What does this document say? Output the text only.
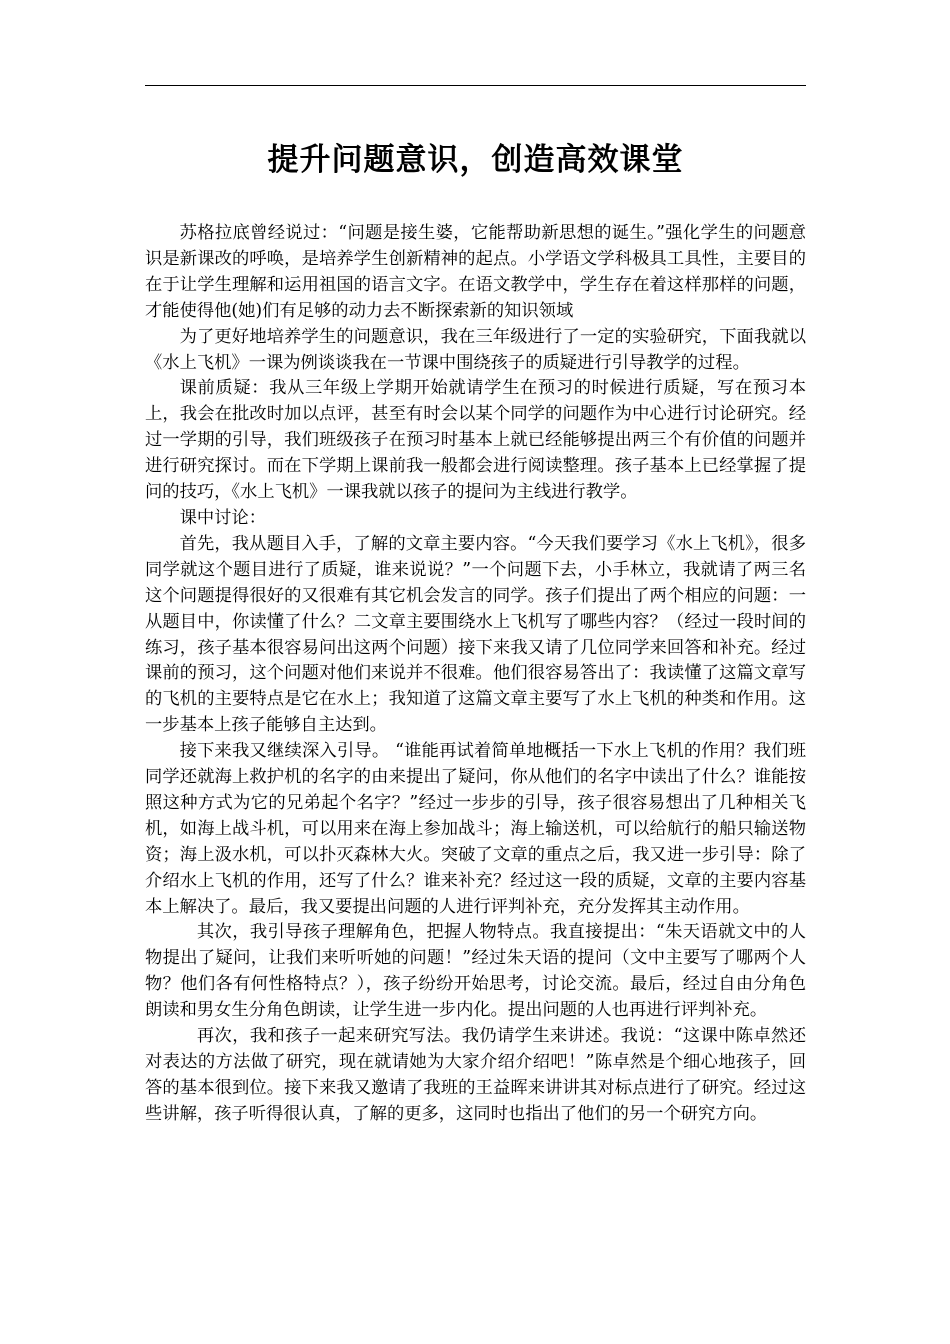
提升问题意识，创造高效课堂

苏格拉底曾经说过：“问题是接生婆，它能帮助新思想的诞生。”强化学生的问题意识是新课改的呼唤，是培养学生创新精神的起点。小学语文学科极具工具性，主要目的在于让学生理解和运用祖国的语言文字。在语文教学中，学生存在着这样那样的问题，才能使得他(她)们有足够的动力去不断探索新的知识领域

为了更好地培养学生的问题意识，我在三年级进行了一定的实验研究，下面我就以《水上飞机》一课为例谈谈我在一节课中围绕孩子的质疑进行引导教学的过程。

课前质疑：我从三年级上学期开始就请学生在预习的时候进行质疑，写在预习本上，我会在批改时加以点评，甚至有时会以某个同学的问题作为中心进行讨论研究。经过一学期的引导，我们班级孩子在预习时基本上就已经能够提出两三个有价值的问题并进行研究探讨。而在下学期上课前我一般都会进行阅读整理。孩子基本上已经掌握了提问的技巧，《水上飞机》一课我就以孩子的提问为主线进行教学。

课中讨论：

首先，我从题目入手，了解的文章主要内容。“今天我们要学习《水上飞机》，很多同学就这个题目进行了质疑，谁来说说？”一个问题下去，小手林立，我就请了两三名这个问题提得很好的又很难有其它机会发言的同学。孩子们提出了两个相应的问题：一从题目中，你读懂了什么？二文章主要围绕水上飞机写了哪些内容？（经过一段时间的练习，孩子基本很容易问出这两个问题）接下来我又请了几位同学来回答和补充。经过课前的预习，这个问题对他们来说并不很难。他们很容易答出了：我读懂了这篇文章写的飞机的主要特点是它在水上；我知道了这篇文章主要写了水上飞机的种类和作用。这一步基本上孩子能够自主达到。

接下来我又继续深入引导。 “谁能再试着简单地概括一下水上飞机的作用？我们班同学还就海上救护机的名字的由来提出了疑问，你从他们的名字中读出了什么？谁能按照这种方式为它的兄弟起个名字？”经过一步步的引导，孩子很容易想出了几种相关飞机，如海上战斗机，可以用来在海上参加战斗；海上输送机，可以给航行的船只输送物资；海上汲水机，可以扑灭森林大火。突破了文章的重点之后，我又进一步引导：除了介绍水上飞机的作用，还写了什么？谁来补充？经过这一段的质疑，文章的主要内容基本上解决了。最后，我又要提出问题的人进行评判补充，充分发挥其主动作用。

其次，我引导孩子理解角色，把握人物特点。我直接提出：“朱天语就文中的人物提出了疑问，让我们来听听她的问题！”经过朱天语的提问（文中主要写了哪两个人物？他们各有何性格特点？），孩子纷纷开始思考，讨论交流。最后，经过自由分角色朗读和男女生分角色朗读，让学生进一步内化。提出问题的人也再进行评判补充。

再次，我和孩子一起来研究写法。我仍请学生来讲述。我说：“这课中陈卓然还对表达的方法做了研究，现在就请她为大家介绍介绍吧！”陈卓然是个细心地孩子，回答的基本很到位。接下来我又邀请了我班的王益晖来讲讲其对标点进行了研究。经过这些讲解，孩子听得很认真，了解的更多，这同时也指出了他们的另一个研究方向。
